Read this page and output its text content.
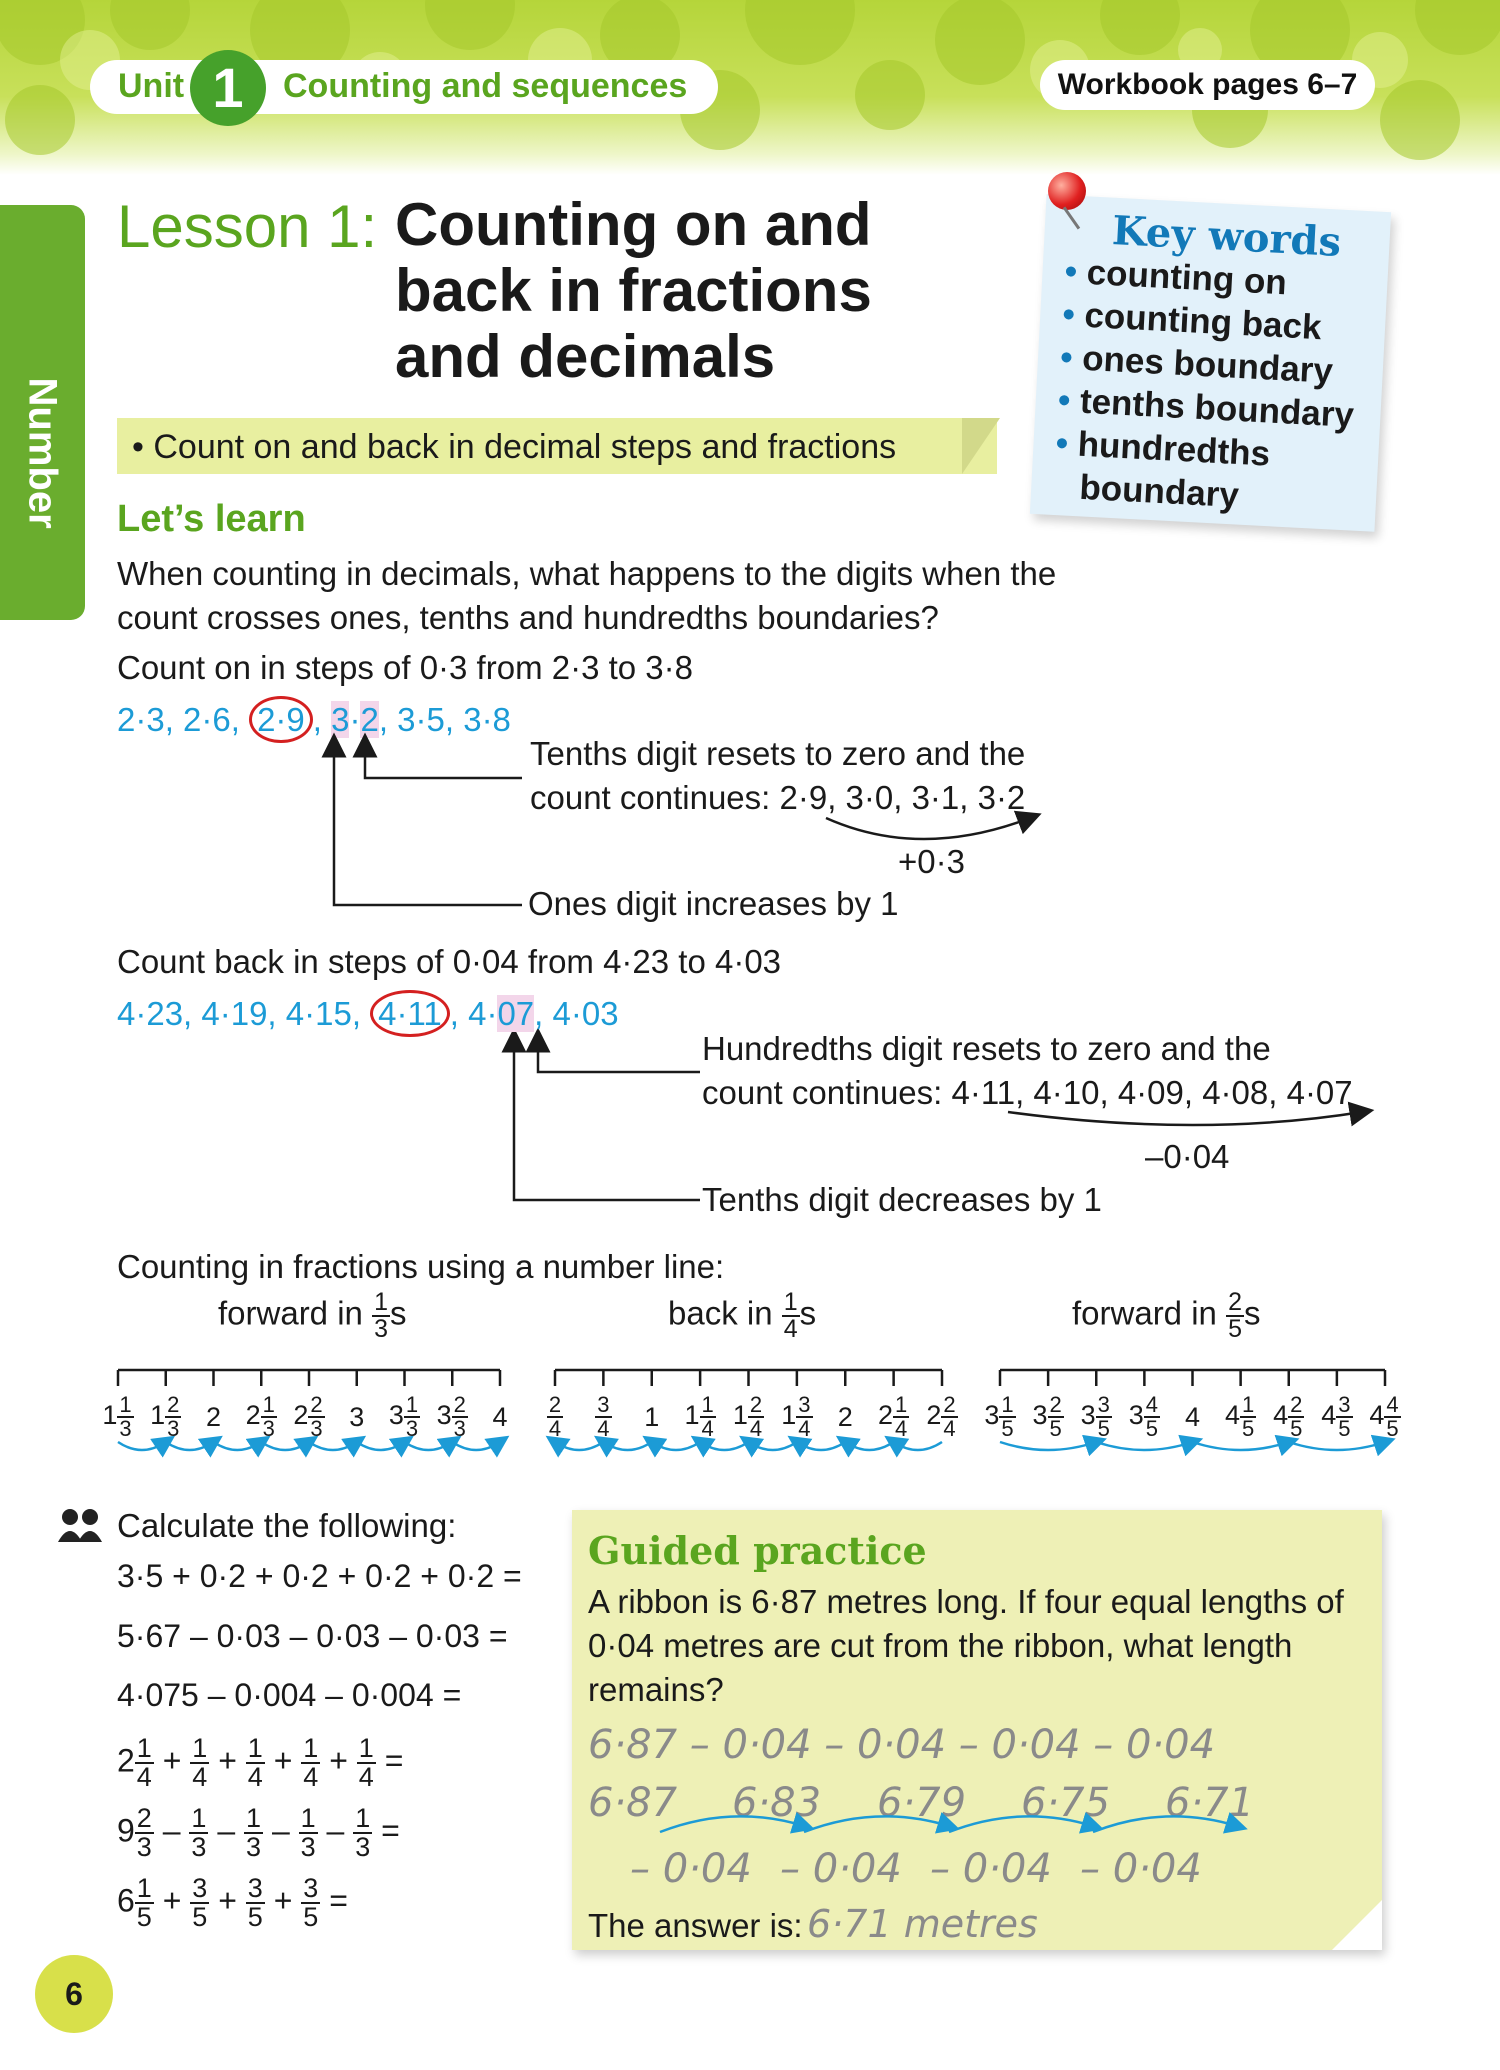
Unit 1	Counting and sequences	Workbook pages 6–7
Number
Lesson 1: Counting on and back in fractions and decimals
• Count on and back in decimal steps and fractions
Key words
• counting on
• counting back
• ones boundary
• tenths boundary
• hundredths boundary
Let’s learn
When counting in decimals, what happens to the digits when the count crosses ones, tenths and hundredths boundaries?
Count on in steps of 0·3 from 2·3 to 3·8
2·3, 2·6, 2·9 , 3·2, 3·5, 3·8
Tenths digit resets to zero and the
count continues: 2·9, 3·0, 3·1, 3·2
+0·3
Ones digit increases by 1
Count back in steps of 0·04 from 4·23 to 4·03
4·23, 4·19, 4·15, 4·11 , 4·07, 4·03
Hundredths digit resets to zero and the
count continues: 4·11, 4·10, 4·09, 4·08, 4·07
–0·04
Tenths digit decreases by 1
Counting in fractions using a number line:
forward in $\frac{1}{3}$ s	back in $\frac{1}{4}$ s	forward in $\frac{2}{5}$ s
$1 \frac{1}{3} 1 \frac{2}{3} 2$ $2 \frac{1}{3} 2 \frac{2}{3} 3$ $3 \frac{1}{3} 3 \frac{2}{3} 4$	$\frac{2}{4} \frac{3}{4}$	1 $1 \frac{1}{4} 1 \frac{2}{4} 1 \frac{3}{4} 2$ $2 \frac{1}{4} 2 \frac{2}{4} 3 \frac{1}{5} 3 \frac{2}{5} 3 \frac{3}{5} 3 \frac{4}{5} 4$ $4 \frac{1}{5} 4 \frac{2}{5} 4 \frac{3}{5} 4 \frac{4}{5}$
Calculate the following:
3·5 + 0·2 + 0·2 + 0·2 + 0·2 =
5·67 – 0·03 – 0·03 – 0·03 =
4·075 – 0·004 – 0·004 =
$2 \frac{1}{4} + \frac{1}{4} + \frac{1}{4} + \frac{1}{4} + \frac{1}{4}$ =
$9 \frac{2}{3} - \frac{1}{3} - \frac{1}{3} - \frac{1}{3} - \frac{1}{3}$ =
$6 \frac{1}{5} + \frac{3}{5} + \frac{3}{5} + \frac{3}{5}$ =
Guided practice
A ribbon is 6·87 metres long. If four equal lengths of 0·04 metres are cut from the ribbon, what length remains?
6·87 – 0·04 – 0·04 – 0·04 – 0·04
6·87 6·83 6·79 6·75 6·71
– 0·04 – 0·04 – 0·04 – 0·04
The answer is: 6·71 metres
6
